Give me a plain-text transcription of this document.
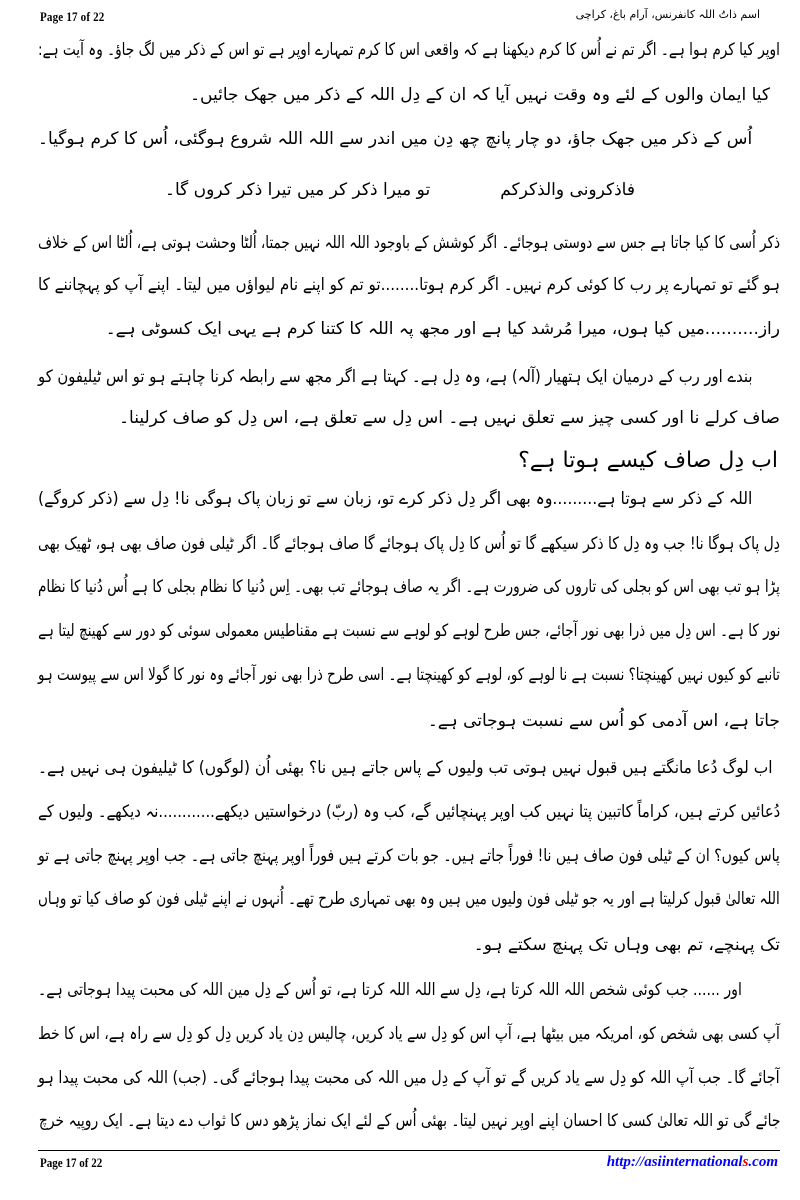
Page 17 of 22	اسم ذاتُ اللہ کانفرنس، آرام باغ، کراچی
اوپر کیا کرم ہوا ہے۔ اگر تم نے اُس کا کرم دیکھنا ہے کہ واقعی اس کا کرم تمہارے اوپر ہے تو اس کے ذکر میں لگ جاؤ۔ وہ آیت ہے:
کیا ایمان والوں کے لئے وہ وقت نہیں آیا کہ ان کے دِل اللہ کے ذکر میں جھک جائیں۔
اُس کے ذکر میں جھک جاؤ، دو چار پانچ چھ دِن میں اندر سے اللہ اللہ شروع ہوگئی، اُس کا کرم ہوگیا۔
ذکر اُسی کا کیا جاتا ہے جس سے دوستی ہوجائے۔ اگر کوشش کے باوجود اللہ اللہ نہیں جمتا، اُلٹا وحشت ہوتی ہے، اُلٹا اس کے خلاف
ہو گئے تو تمہارے پر رب کا کوئی کرم نہیں۔ اگر کرم ہوتا........تو تم کو اپنے نام لیواؤں میں لیتا۔ اپنے آپ کو پہچاننے کا
راز..........میں کیا ہوں، میرا مُرشد کیا ہے اور مجھ پہ اللہ کا کتنا کرم ہے یہی ایک کسوٹی ہے۔
بندے اور رب کے درمیان ایک ہتھیار (آلہ) ہے، وہ دِل ہے۔ کہتا ہے اگر مجھ سے رابطہ کرنا چاہتے ہو تو اس ٹیلیفون کو
صاف کرلے نا اور کسی چیز سے تعلق نہیں ہے۔ اس دِل سے تعلق ہے، اس دِل کو صاف کرلینا۔
اب دِل صاف کیسے ہوتا ہے؟
اللہ کے ذکر سے ہوتا ہے.........وہ بھی اگر دِل ذکر کرے تو، زبان سے تو زبان پاک ہوگی نا! دِل سے (ذکر کروگے)
دِل پاک ہوگا نا! جب وہ دِل کا ذکر سیکھے گا تو اُس کا دِل پاک ہوجائے گا صاف ہوجائے گا۔ اگر ٹیلی فون صاف بھی ہو، ٹھیک بھی
پڑا ہو تب بھی اس کو بجلی کی تاروں کی ضرورت ہے۔ اگر یہ صاف ہوجائے تب بھی۔ اِس دُنیا کا نظام بجلی کا ہے اُس دُنیا کا نظام
نور کا ہے۔ اس دِل میں ذرا بھی نور آجائے، جس طرح لوہے کو لوہے سے نسبت ہے مقناطیس معمولی سوئی کو دور سے کھینچ لیتا ہے
تانبے کو کیوں نہیں کھینچتا؟ نسبت ہے نا لوہے کو، لوہے کو کھینچتا ہے۔ اسی طرح ذرا بھی نور آجائے وہ نور کا گولا اس سے پیوست ہو
جاتا ہے، اس آدمی کو اُس سے نسبت ہوجاتی ہے۔
اب لوگ دُعا مانگتے ہیں قبول نہیں ہوتی تب ولیوں کے پاس جاتے ہیں نا؟ بھئی اُن (لوگوں) کا ٹیلیفون ہی نہیں ہے۔
دُعائیں کرتے ہیں، کراماً کاتبین پتا نہیں کب اوپر پہنچائیں گے، کب وہ (ربّ) درخواستیں دیکھے............نہ دیکھے۔ ولیوں کے
پاس کیوں؟ ان کے ٹیلی فون صاف ہیں نا! فوراً جاتے ہیں۔ جو بات کرتے ہیں فوراً اوپر پہنچ جاتی ہے۔ جب اوپر پہنچ جاتی ہے تو
اللہ تعالیٰ قبول کرلیتا ہے اور یہ جو ٹیلی فون ولیوں میں ہیں وہ بھی تمہاری طرح تھے۔ اُنہوں نے اپنے ٹیلی فون کو صاف کیا تو وہاں
تک پہنچے، تم بھی وہاں تک پہنچ سکتے ہو۔
اور ...... جب کوئی شخص اللہ اللہ کرتا ہے، دِل سے اللہ اللہ کرتا ہے، تو اُس کے دِل مین اللہ کی محبت پیدا ہوجاتی ہے۔
آپ کسی بھی شخص کو، امریکہ میں بیٹھا ہے، آپ اس کو دِل سے یاد کریں، چالیس دِن یاد کریں دِل کو دِل سے راہ ہے، اس کا خط
آجائے گا۔ جب آپ اللہ کو دِل سے یاد کریں گے تو آپ کے دِل میں اللہ کی محبت پیدا ہوجائے گی۔ (جب) اللہ کی محبت پیدا ہو
جائے گی تو اللہ تعالیٰ کسی کا احسان اپنے اوپر نہیں لیتا۔ بھئی اُس کے لئے ایک نماز پڑھو دس کا ثواب دے دیتا ہے۔ ایک روپیہ خرچ
فاذكرونی والذكركم
تو میرا ذکر کر میں تیرا ذکر کروں گا۔
Page 17 of 22	http://asiinternationals.com
